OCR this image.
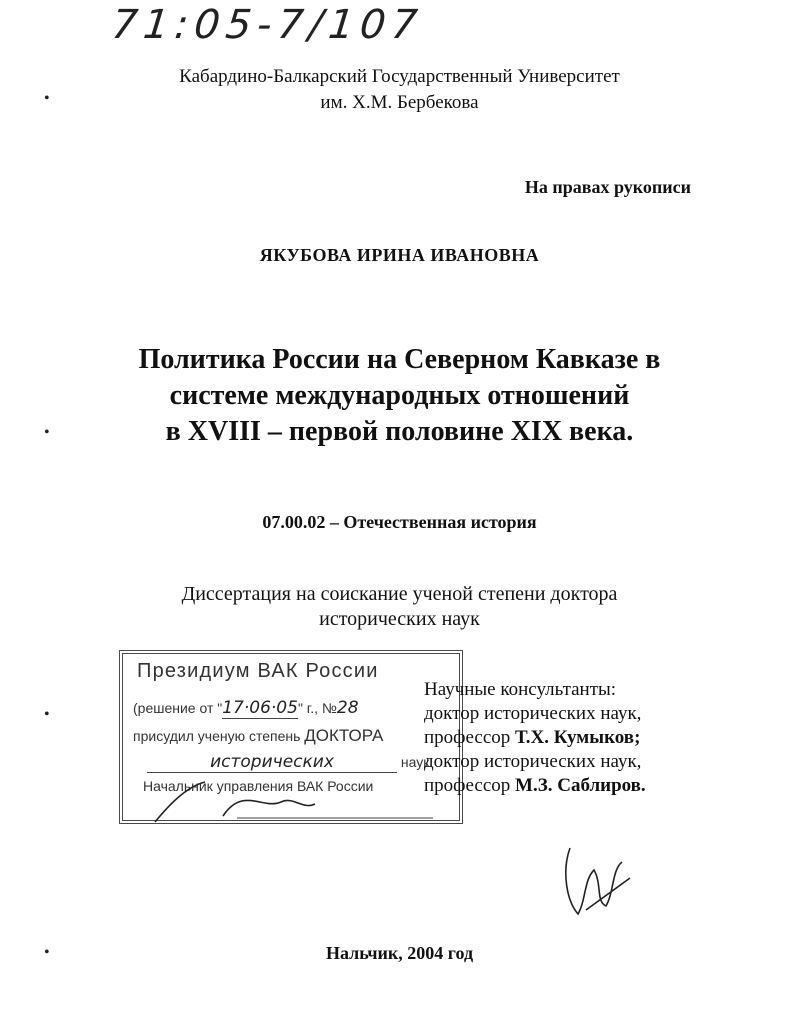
71:05-7/107
•
•
•
•
Кабардино-Балкарский Государственный Университет
им. Х.М. Бербекова
На правах рукописи
ЯКУБОВА ИРИНА ИВАНОВНА
Политика России на Северном Кавказе в
системе международных отношений
в XVIII – первой половине XIX века.
07.00.02 – Отечественная история
Диссертация на соискание ученой степени доктора
исторических наук
Президиум ВАК России
(решение от "17·06·05" г., №28
присудил ученую степень ДОКТОРА
исторических	наук
Начальник управления ВАК России
Научные консультанты:
доктор исторических наук,
профессор Т.Х. Кумыков;
доктор исторических наук,
профессор М.З. Саблиров.
Нальчик, 2004 год
